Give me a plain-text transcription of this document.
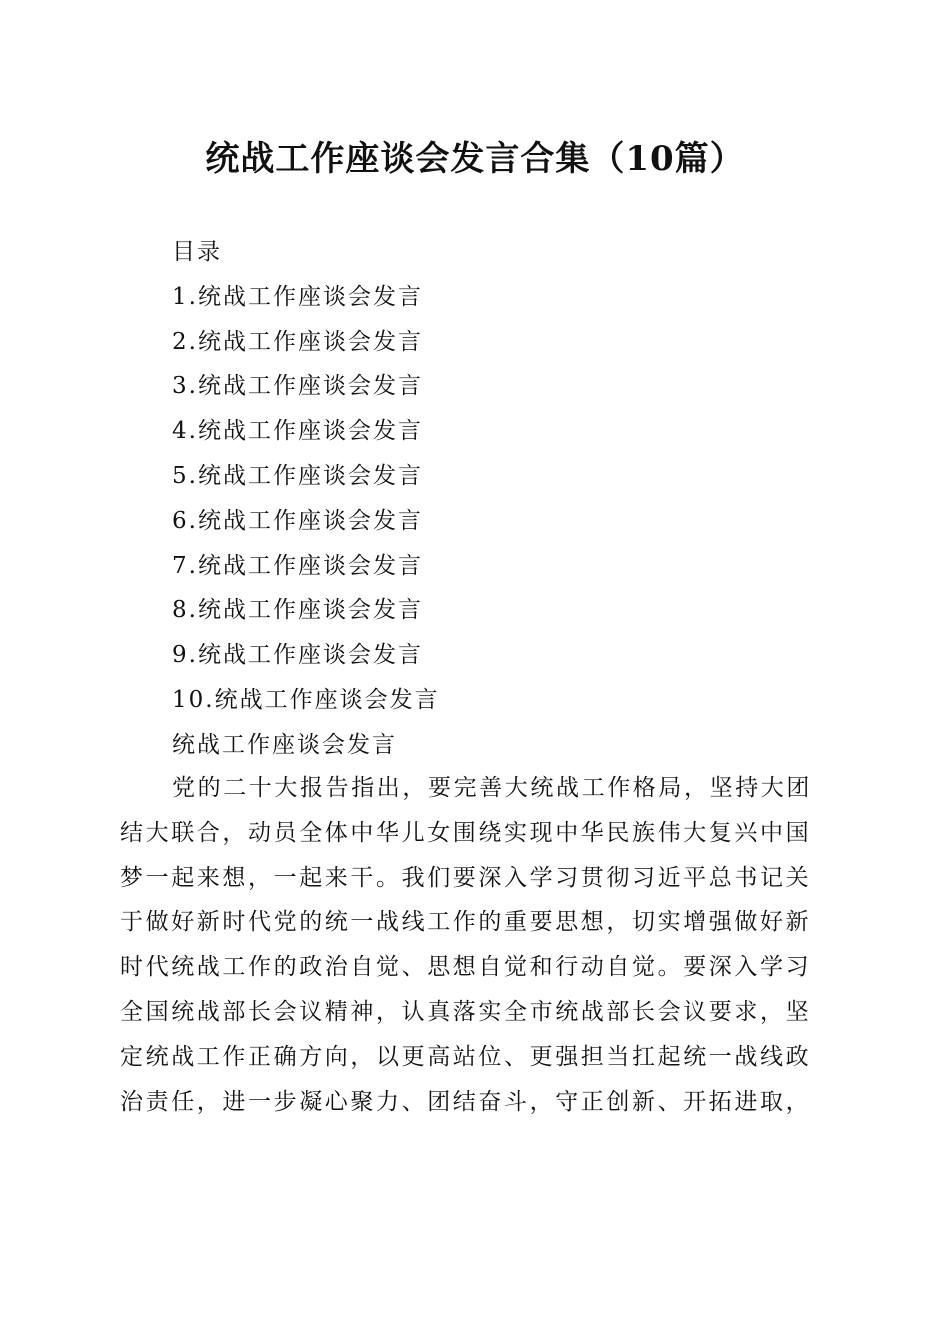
统战工作座谈会发言合集（10篇）
目录
1.统战工作座谈会发言
2.统战工作座谈会发言
3.统战工作座谈会发言
4.统战工作座谈会发言
5.统战工作座谈会发言
6.统战工作座谈会发言
7.统战工作座谈会发言
8.统战工作座谈会发言
9.统战工作座谈会发言
10.统战工作座谈会发言
统战工作座谈会发言
党的二十大报告指出，要完善大统战工作格局，坚持大团
结大联合，动员全体中华儿女围绕实现中华民族伟大复兴中国
梦一起来想，一起来干。我们要深入学习贯彻习近平总书记关
于做好新时代党的统一战线工作的重要思想，切实增强做好新
时代统战工作的政治自觉、思想自觉和行动自觉。要深入学习
全国统战部长会议精神，认真落实全市统战部长会议要求，坚
定统战工作正确方向，以更高站位、更强担当扛起统一战线政
治责任，进一步凝心聚力、团结奋斗，守正创新、开拓进取，
